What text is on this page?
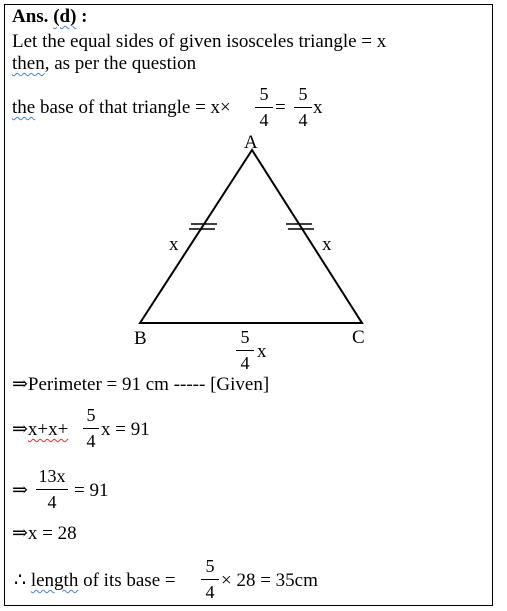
Ans. (d) :
Let the equal sides of given isosceles triangle = x
then, as per the question
the base of that triangle = x×
5
4
=
5
4
x
A
B	C
x	x
5
4
x
⇒Perimeter = 91 cm ----- [Given]
⇒x+x+
5
4
x = 91
⇒
13x
4
= 91
⇒x = 28
∴ length of its base =
5
4
× 28 = 35cm
